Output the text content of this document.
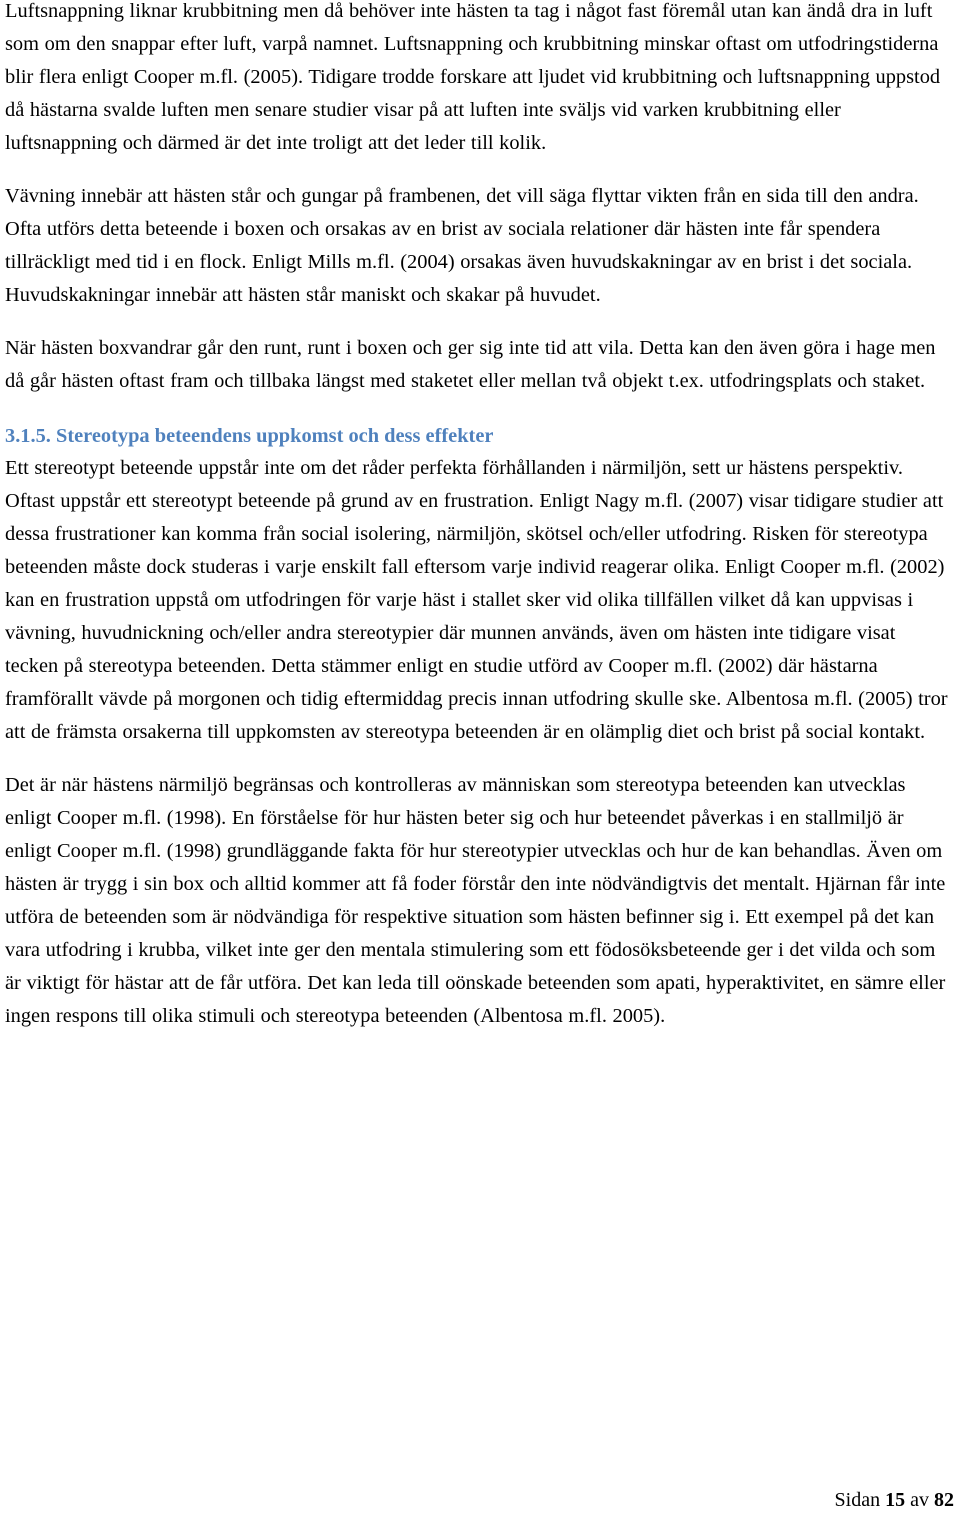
Luftsnappning liknar krubbitning men då behöver inte hästen ta tag i något fast föremål utan kan ändå dra in luft som om den snappar efter luft, varpå namnet. Luftsnappning och krubbitning minskar oftast om utfodringstiderna blir flera enligt Cooper m.fl. (2005). Tidigare trodde forskare att ljudet vid krubbitning och luftsnappning uppstod då hästarna svalde luften men senare studier visar på att luften inte sväljs vid varken krubbitning eller luftsnappning och därmed är det inte troligt att det leder till kolik.

Vävning innebär att hästen står och gungar på frambenen, det vill säga flyttar vikten från en sida till den andra. Ofta utförs detta beteende i boxen och orsakas av en brist av sociala relationer där hästen inte får spendera tillräckligt med tid i en flock. Enligt Mills m.fl. (2004) orsakas även huvudskakningar av en brist i det sociala. Huvudskakningar innebär att hästen står maniskt och skakar på huvudet.

När hästen boxvandrar går den runt, runt i boxen och ger sig inte tid att vila. Detta kan den även göra i hage men då går hästen oftast fram och tillbaka längst med staketet eller mellan två objekt t.ex. utfodringsplats och staket.

3.1.5. Stereotypa beteendens uppkomst och dess effekter

Ett stereotypt beteende uppstår inte om det råder perfekta förhållanden i närmiljön, sett ur hästens perspektiv. Oftast uppstår ett stereotypt beteende på grund av en frustration. Enligt Nagy m.fl. (2007) visar tidigare studier att dessa frustrationer kan komma från social isolering, närmiljön, skötsel och/eller utfodring. Risken för stereotypa beteenden måste dock studeras i varje enskilt fall eftersom varje individ reagerar olika. Enligt Cooper m.fl. (2002) kan en frustration uppstå om utfodringen för varje häst i stallet sker vid olika tillfällen vilket då kan uppvisas i vävning, huvudnickning och/eller andra stereotypier där munnen används, även om hästen inte tidigare visat tecken på stereotypa beteenden. Detta stämmer enligt en studie utförd av Cooper m.fl. (2002) där hästarna framförallt vävde på morgonen och tidig eftermiddag precis innan utfodring skulle ske. Albentosa m.fl. (2005) tror att de främsta orsakerna till uppkomsten av stereotypa beteenden är en olämplig diet och brist på social kontakt.

Det är när hästens närmiljö begränsas och kontrolleras av människan som stereotypa beteenden kan utvecklas enligt Cooper m.fl. (1998). En förståelse för hur hästen beter sig och hur beteendet påverkas i en stallmiljö är enligt Cooper m.fl. (1998) grundläggande fakta för hur stereotypier utvecklas och hur de kan behandlas. Även om hästen är trygg i sin box och alltid kommer att få foder förstår den inte nödvändigtvis det mentalt. Hjärnan får inte utföra de beteenden som är nödvändiga för respektive situation som hästen befinner sig i. Ett exempel på det kan vara utfodring i krubba, vilket inte ger den mentala stimulering som ett födosöksbeteende ger i det vilda och som är viktigt för hästar att de får utföra. Det kan leda till oönskade beteenden som apati, hyperaktivitet, en sämre eller ingen respons till olika stimuli och stereotypa beteenden (Albentosa m.fl. 2005).

Sidan 15 av 82
